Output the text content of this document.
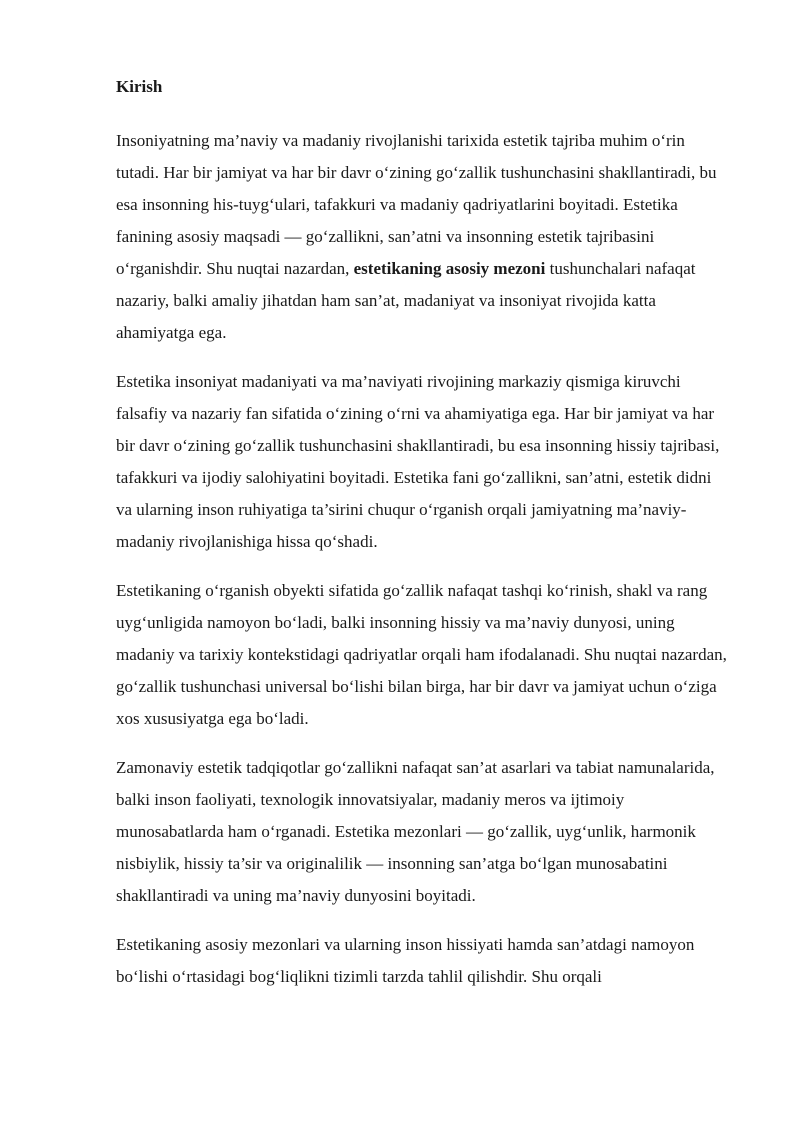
Kirish

Insoniyatning ma’naviy va madaniy rivojlanishi tarixida estetik tajriba muhim o‘rin tutadi. Har bir jamiyat va har bir davr o‘zining go‘zallik tushunchasini shakllantiradi, bu esa insonning his-tuyg‘ulari, tafakkuri va madaniy qadriyatlarini boyitadi. Estetika fanining asosiy maqsadi — go‘zallikni, san’atni va insonning estetik tajribasini o‘rganishdir. Shu nuqtai nazardan, estetikaning asosiy mezoni tushunchalari nafaqat nazariy, balki amaliy jihatdan ham san’at, madaniyat va insoniyat rivojida katta ahamiyatga ega.

Estetika insoniyat madaniyati va ma’naviyati rivojining markaziy qismiga kiruvchi falsafiy va nazariy fan sifatida o‘zining o‘rni va ahamiyatiga ega. Har bir jamiyat va har bir davr o‘zining go‘zallik tushunchasini shakllantiradi, bu esa insonning hissiy tajribasi, tafakkuri va ijodiy salohiyatini boyitadi. Estetika fani go‘zallikni, san’atni, estetik didni va ularning inson ruhiyatiga ta’sirini chuqur o‘rganish orqali jamiyatning ma’naviy-madaniy rivojlanishiga hissa qo‘shadi.

Estetikaning o‘rganish obyekti sifatida go‘zallik nafaqat tashqi ko‘rinish, shakl va rang uyg‘unligida namoyon bo‘ladi, balki insonning hissiy va ma’naviy dunyosi, uning madaniy va tarixiy kontekstidagi qadriyatlar orqali ham ifodalanadi. Shu nuqtai nazardan, go‘zallik tushunchasi universal bo‘lishi bilan birga, har bir davr va jamiyat uchun o‘ziga xos xususiyatga ega bo‘ladi.

Zamonaviy estetik tadqiqotlar go‘zallikni nafaqat san’at asarlari va tabiat namunalarida, balki inson faoliyati, texnologik innovatsiyalar, madaniy meros va ijtimoiy munosabatlarda ham o‘rganadi. Estetika mezonlari — go‘zallik, uyg‘unlik, harmonik nisbiylik, hissiy ta’sir va originalilik — insonning san’atga bo‘lgan munosabatini shakllantiradi va uning ma’naviy dunyosini boyitadi.

Estetikaning asosiy mezonlari va ularning inson hissiyati hamda san’atdagi namoyon bo‘lishi o‘rtasidagi bog‘liqlikni tizimli tarzda tahlil qilishdir. Shu orqali
